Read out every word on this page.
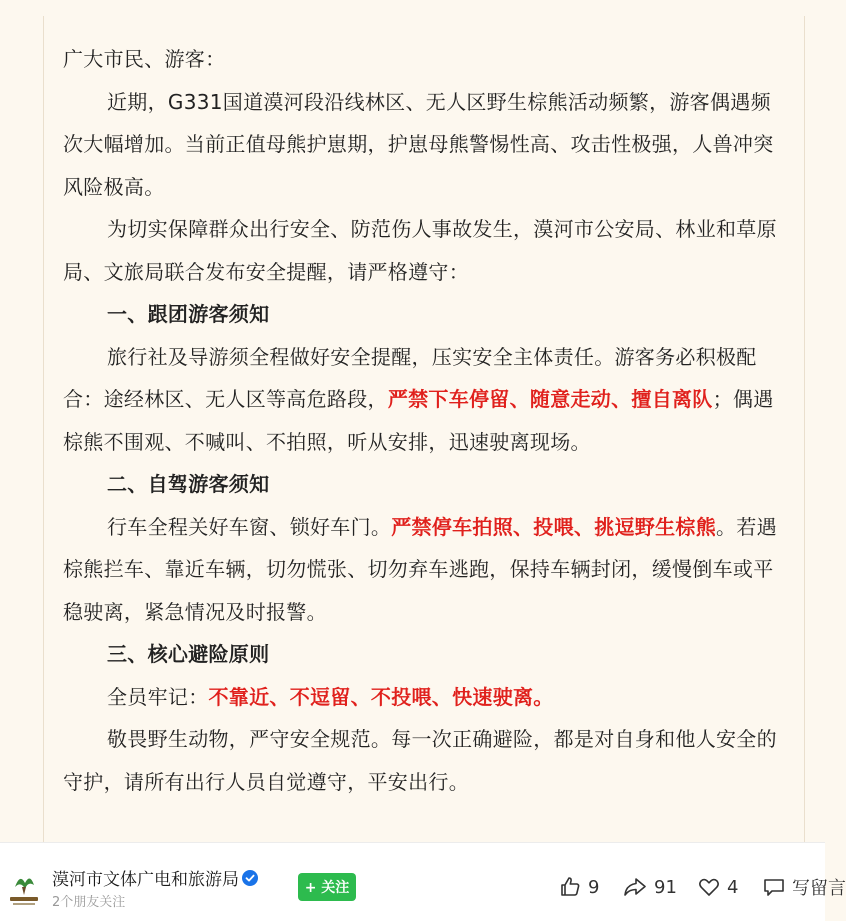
广大市民、游客：

近期，G331国道漠河段沿线林区、无人区野生棕熊活动频繁，游客偶遇频次大幅增加。当前正值母熊护崽期，护崽母熊警惕性高、攻击性极强，人兽冲突风险极高。

为切实保障群众出行安全、防范伤人事故发生，漠河市公安局、林业和草原局、文旅局联合发布安全提醒，请严格遵守：

一、跟团游客须知

旅行社及导游须全程做好安全提醒，压实安全主体责任。游客务必积极配合：途经林区、无人区等高危路段，严禁下车停留、随意走动、擅自离队；偶遇棕熊不围观、不喊叫、不拍照，听从安排，迅速驶离现场。

二、自驾游客须知

行车全程关好车窗、锁好车门。严禁停车拍照、投喂、挑逗野生棕熊。若遇棕熊拦车、靠近车辆，切勿慌张、切勿弃车逃跑，保持车辆封闭，缓慢倒车或平稳驶离，紧急情况及时报警。

三、核心避险原则

全员牢记：不靠近、不逗留、不投喂、快速驶离。

敬畏野生动物，严守安全规范。每一次正确避险，都是对自身和他人安全的守护，请所有出行人员自觉遵守，平安出行。

漠河市文体广电和旅游局
2个朋友关注
+ 关注	9	91	4	写留言
